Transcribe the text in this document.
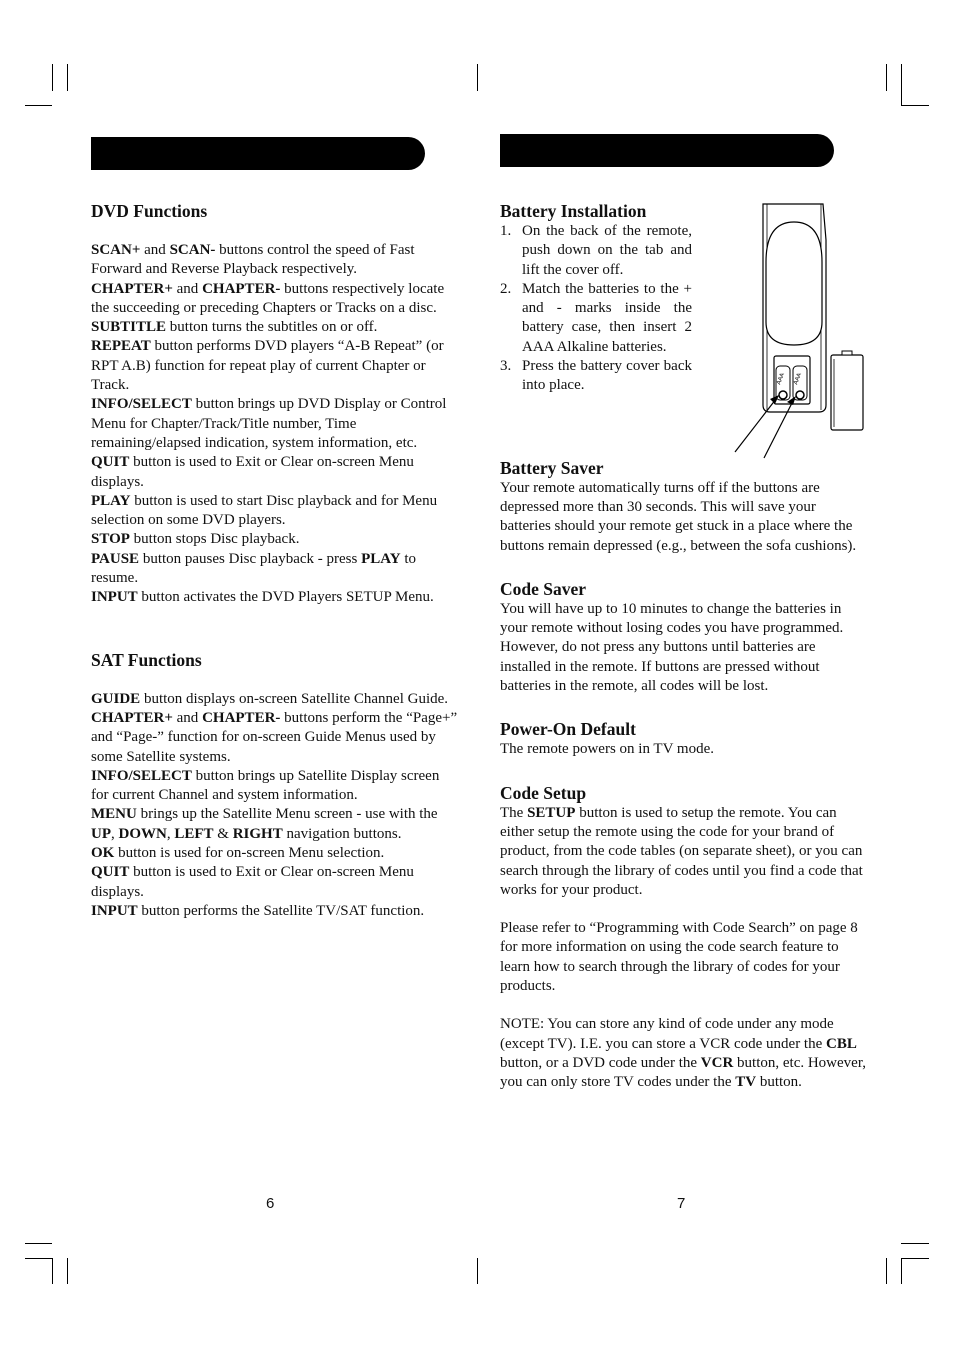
DVD Functions

SCAN+ and SCAN- buttons control the speed of Fast Forward and Reverse Playback respectively.

CHAPTER+ and CHAPTER- buttons respectively locate the succeeding or preceding Chapters or Tracks on a disc.

SUBTITLE button turns the subtitles on or off.

REPEAT button performs DVD players “A-B Repeat” (or RPT A.B) function for repeat play of current Chapter or Track.

INFO/SELECT button brings up DVD Display or Control Menu for Chapter/Track/Title number, Time remaining/elapsed indication, system information, etc.

QUIT button is used to Exit or Clear on-screen Menu displays.

PLAY button is used to start Disc playback and for Menu selection on some DVD players.

STOP button stops Disc playback.

PAUSE button pauses Disc playback - press PLAY to resume.

INPUT button activates the DVD Players SETUP Menu.

SAT Functions

GUIDE button displays on-screen Satellite Channel Guide.

CHAPTER+ and CHAPTER- buttons perform the “Page+” and “Page-” function for on-screen Guide Menus used by some Satellite systems.

INFO/SELECT button brings up Satellite Display screen for current Channel and system information.

MENU brings up the Satellite Menu screen - use with the UP, DOWN, LEFT & RIGHT navigation buttons.

OK button is used for on-screen Menu selection.

QUIT button is used to Exit or Clear on-screen Menu displays.

INPUT button performs the Satellite TV/SAT function.

Battery Installation
1. On the back of the remote, push down on the tab and lift the cover off.
2. Match the batteries to the + and - marks inside the battery case, then insert 2 AAA Alkaline batteries.
3. Press the battery cover back into place.
Battery Saver

Your remote automatically turns off if the buttons are depressed more than 30 seconds. This will save your batteries should your remote get stuck in a place where the buttons remain depressed (e.g., between the sofa cushions).

Code Saver

You will have up to 10 minutes to change the batteries in your remote without losing codes you have programmed. However, do not press any buttons until batteries are installed in the remote. If buttons are pressed without batteries in the remote, all codes will be lost.

Power-On Default

The remote powers on in TV mode.

Code Setup

The SETUP button is used to setup the remote. You can either setup the remote using the code for your brand of product, from the code tables (on separate sheet), or you can search through the library of codes until you find a code that works for your product.

Please refer to “Programming with Code Search” on page 8 for more information on using the code search feature to learn how to search through the library of codes for your products.

NOTE: You can store any kind of code under any mode (except TV). I.E. you can store a VCR code under the CBL button, or a DVD code under the VCR button, etc. However, you can only store TV codes under the TV button.

AAA AAA
6	7
